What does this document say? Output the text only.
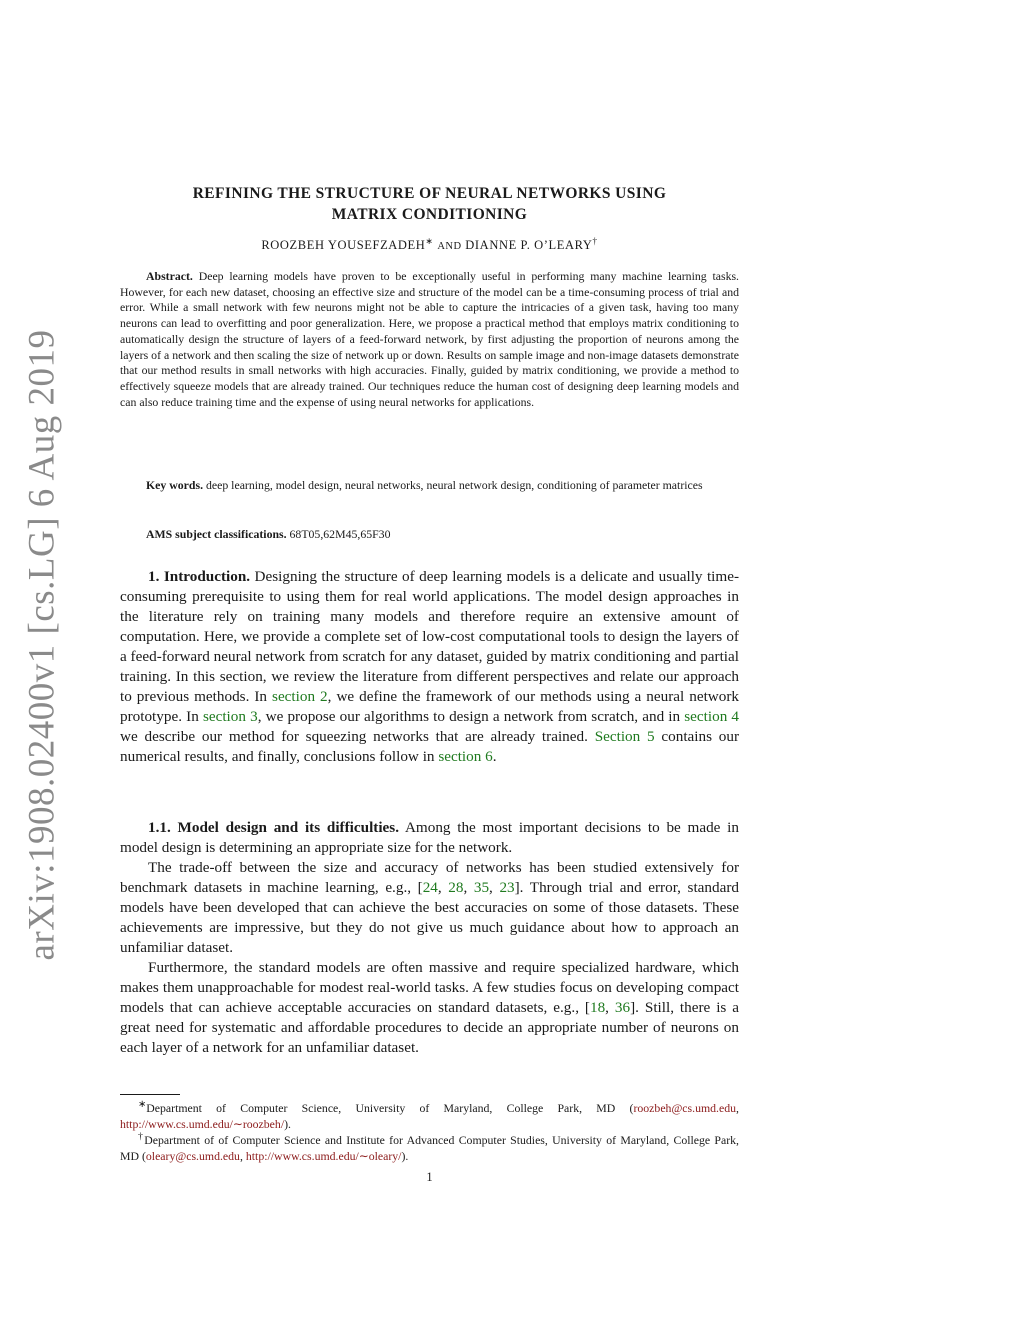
arXiv:1908.02400v1 [cs.LG] 6 Aug 2019
REFINING THE STRUCTURE OF NEURAL NETWORKS USING
MATRIX CONDITIONING
ROOZBEH YOUSEFZADEH∗ AND DIANNE P. O’LEARY†

Abstract. Deep learning models have proven to be exceptionally useful in performing many machine learning tasks. However, for each new dataset, choosing an effective size and structure of the model can be a time-consuming process of trial and error. While a small network with few neurons might not be able to capture the intricacies of a given task, having too many neurons can lead to overfitting and poor generalization. Here, we propose a practical method that employs matrix conditioning to automatically design the structure of layers of a feed-forward network, by first adjusting the proportion of neurons among the layers of a network and then scaling the size of network up or down. Results on sample image and non-image datasets demonstrate that our method results in small networks with high accuracies. Finally, guided by matrix conditioning, we provide a method to effectively squeeze models that are already trained. Our techniques reduce the human cost of designing deep learning models and can also reduce training time and the expense of using neural networks for applications.

Key words. deep learning, model design, neural networks, neural network design, conditioning of parameter matrices

AMS subject classifications. 68T05,62M45,65F30

1. Introduction. Designing the structure of deep learning models is a delicate and usually time-consuming prerequisite to using them for real world applications. The model design approaches in the literature rely on training many models and therefore require an extensive amount of computation. Here, we provide a complete set of low-cost computational tools to design the layers of a feed-forward neural network from scratch for any dataset, guided by matrix conditioning and partial training. In this section, we review the literature from different perspectives and relate our approach to previous methods. In section 2, we define the framework of our methods using a neural network prototype. In section 3, we propose our algorithms to design a network from scratch, and in section 4 we describe our method for squeezing networks that are already trained. Section 5 contains our numerical results, and finally, conclusions follow in section 6.

1.1. Model design and its difficulties. Among the most important decisions to be made in model design is determining an appropriate size for the network.

The trade-off between the size and accuracy of networks has been studied extensively for benchmark datasets in machine learning, e.g., [24, 28, 35, 23]. Through trial and error, standard models have been developed that can achieve the best accuracies on some of those datasets. These achievements are impressive, but they do not give us much guidance about how to approach an unfamiliar dataset.

Furthermore, the standard models are often massive and require specialized hardware, which makes them unapproachable for modest real-world tasks. A few studies focus on developing compact models that can achieve acceptable accuracies on standard datasets, e.g., [18, 36]. Still, there is a great need for systematic and affordable procedures to decide an appropriate number of neurons on each layer of a network for an unfamiliar dataset.

∗Department of Computer Science, University of Maryland, College Park, MD (roozbeh@cs.umd.edu, http://www.cs.umd.edu/∼roozbeh/).

†Department of of Computer Science and Institute for Advanced Computer Studies, University of Maryland, College Park, MD (oleary@cs.umd.edu, http://www.cs.umd.edu/∼oleary/).

1
